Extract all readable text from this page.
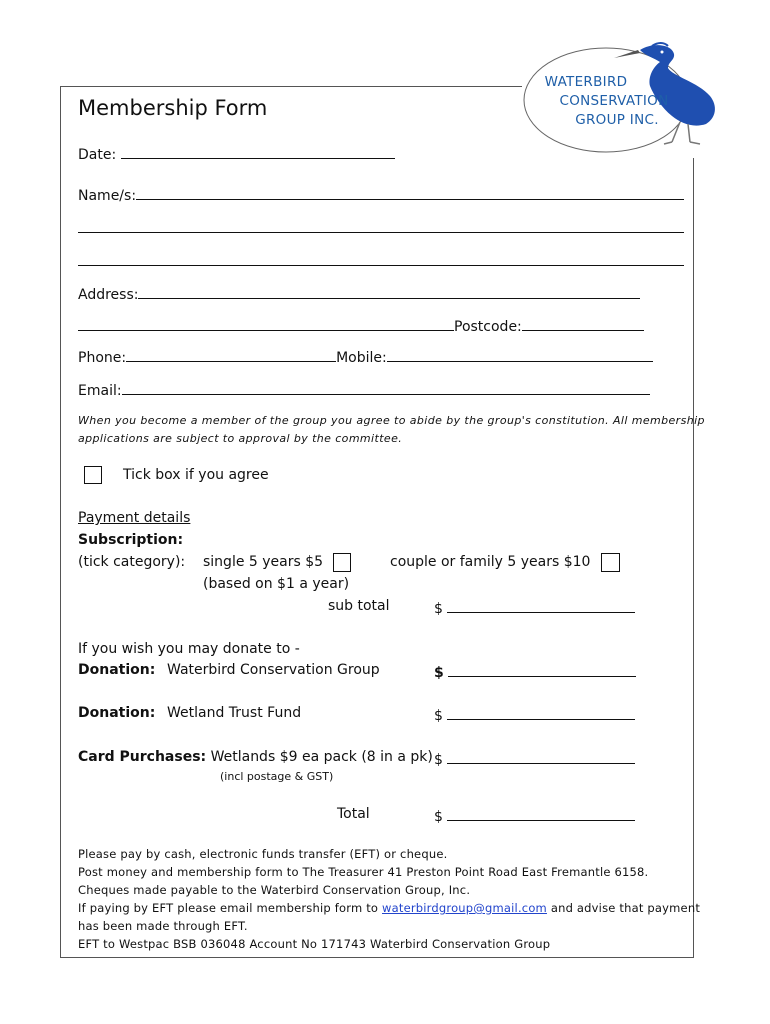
WATERBIRD
CONSERVATION
GROUP INC.
Membership Form
Date:
Name/s:
Address:
Postcode:
Phone:	Mobile:
Email:
When you become a member of the group you agree to abide by the group's constitution. All membership
applications are subject to approval by the committee.
Tick box if you agree
Payment details
Subscription:
(tick category): single 5 years $5	couple or family 5 years $10
(based on $1 a year)
sub total	$
If you wish you may donate to -
Donation: Waterbird Conservation Group	$
Donation: Wetland Trust Fund	$
Card Purchases: Wetlands $9 ea pack (8 in a pk) $
(incl postage & GST)
Total	$
Please pay by cash, electronic funds transfer (EFT) or cheque.
Post money and membership form to The Treasurer 41 Preston Point Road East Fremantle 6158.
Cheques made payable to the Waterbird Conservation Group, Inc.
If paying by EFT please email membership form to waterbirdgroup@gmail.com and advise that payment
has been made through EFT.
EFT to Westpac BSB 036048 Account No 171743 Waterbird Conservation Group
